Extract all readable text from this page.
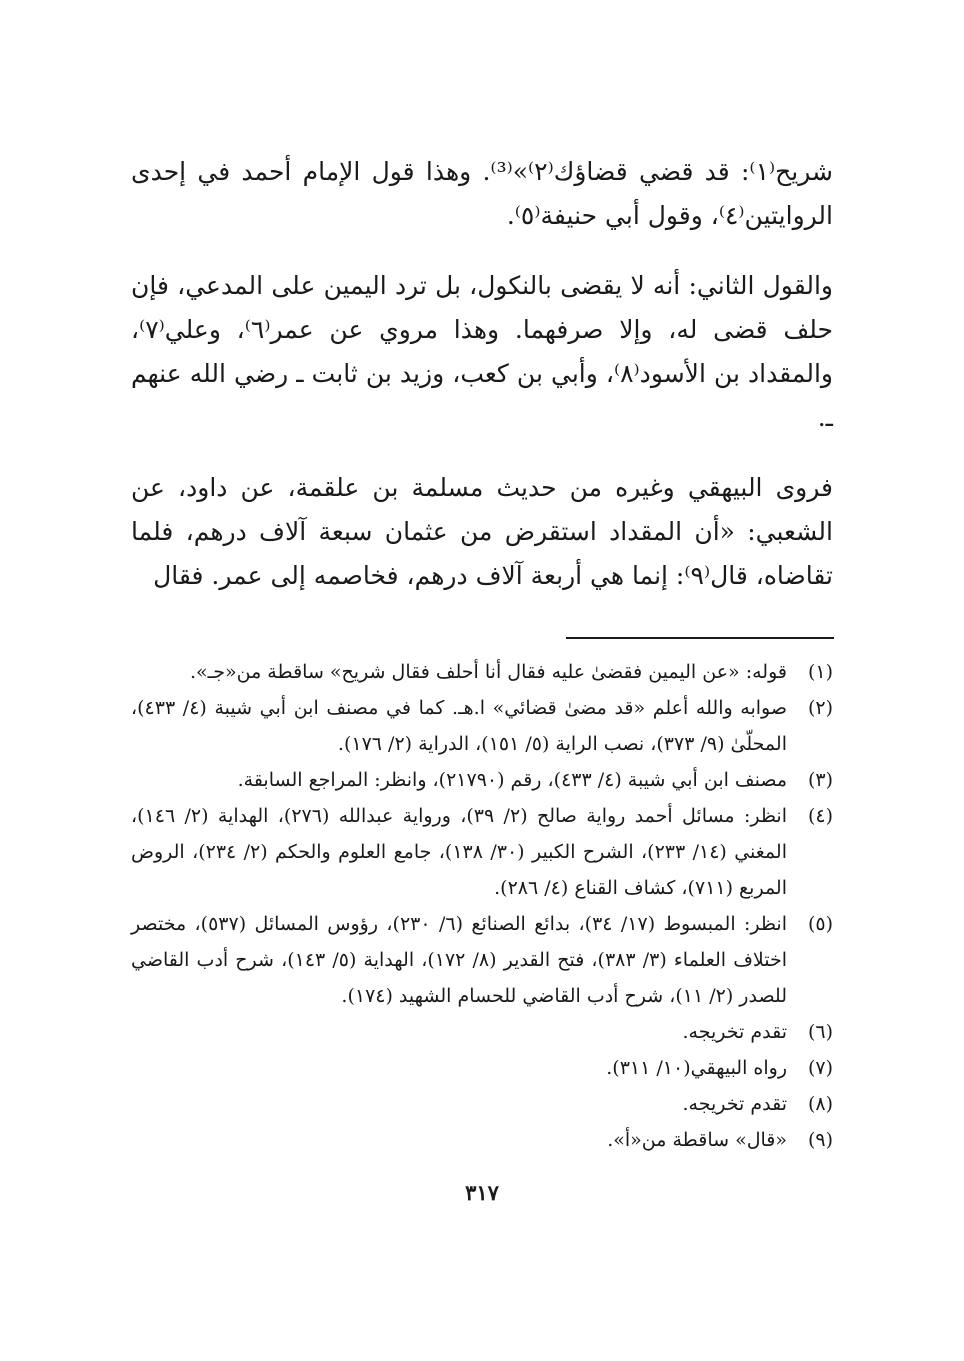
شريح⁽١⁾: قد قضي قضاؤك⁽٢⁾»⁽³⁾. وهذا قول الإمام أحمد في إحدى الروايتين⁽٤⁾، وقول أبي حنيفة⁽٥⁾.

والقول الثاني: أنه لا يقضى بالنكول، بل ترد اليمين على المدعي، فإن حلف قضى له، وإلا صرفهما. وهذا مروي عن عمر⁽٦⁾، وعلي⁽٧⁾، والمقداد بن الأسود⁽٨⁾، وأبي بن كعب، وزيد بن ثابت ـ رضي الله عنهم ـ.

فروى البيهقي وغيره من حديث مسلمة بن علقمة، عن داود، عن الشعبي: «أن المقداد استقرض من عثمان سبعة آلاف درهم، فلما تقاضاه، قال⁽٩⁾: إنما هي أربعة آلاف درهم، فخاصمه إلى عمر. فقال

(١)
قوله: «عن اليمين فقضىٰ عليه فقال أنا أحلف فقال شريح» ساقطة من«جـ».
(٢)
صوابه والله أعلم «قد مضىٰ قضائي» ا.هـ. كما في مصنف ابن أبي شيبة (٤/ ٤٣٣)، المحلّىٰ (٩/ ٣٧٣)، نصب الراية (٥/ ١٥١)، الدراية (٢/ ١٧٦).
(٣)
مصنف ابن أبي شيبة (٤/ ٤٣٣)، رقم (٢١٧٩٠)، وانظر: المراجع السابقة.
(٤)
انظر: مسائل أحمد رواية صالح (٢/ ٣٩)، ورواية عبدالله (٢٧٦)، الهداية (٢/ ١٤٦)، المغني (١٤/ ٢٣٣)، الشرح الكبير (٣٠/ ١٣٨)، جامع العلوم والحكم (٢/ ٢٣٤)، الروض المربع (٧١١)، كشاف القناع (٤/ ٢٨٦).
(٥)
انظر: المبسوط (١٧/ ٣٤)، بدائع الصنائع (٦/ ٢٣٠)، رؤوس المسائل (٥٣٧)، مختصر اختلاف العلماء (٣/ ٣٨٣)، فتح القدير (٨/ ١٧٢)، الهداية (٥/ ١٤٣)، شرح أدب القاضي للصدر (٢/ ١١)، شرح أدب القاضي للحسام الشهيد (١٧٤).
(٦)
تقدم تخريجه.
(٧)
رواه البيهقي(١٠/ ٣١١).
(٨)
تقدم تخريجه.
(٩)
«قال» ساقطة من«أ».
٣١٧
